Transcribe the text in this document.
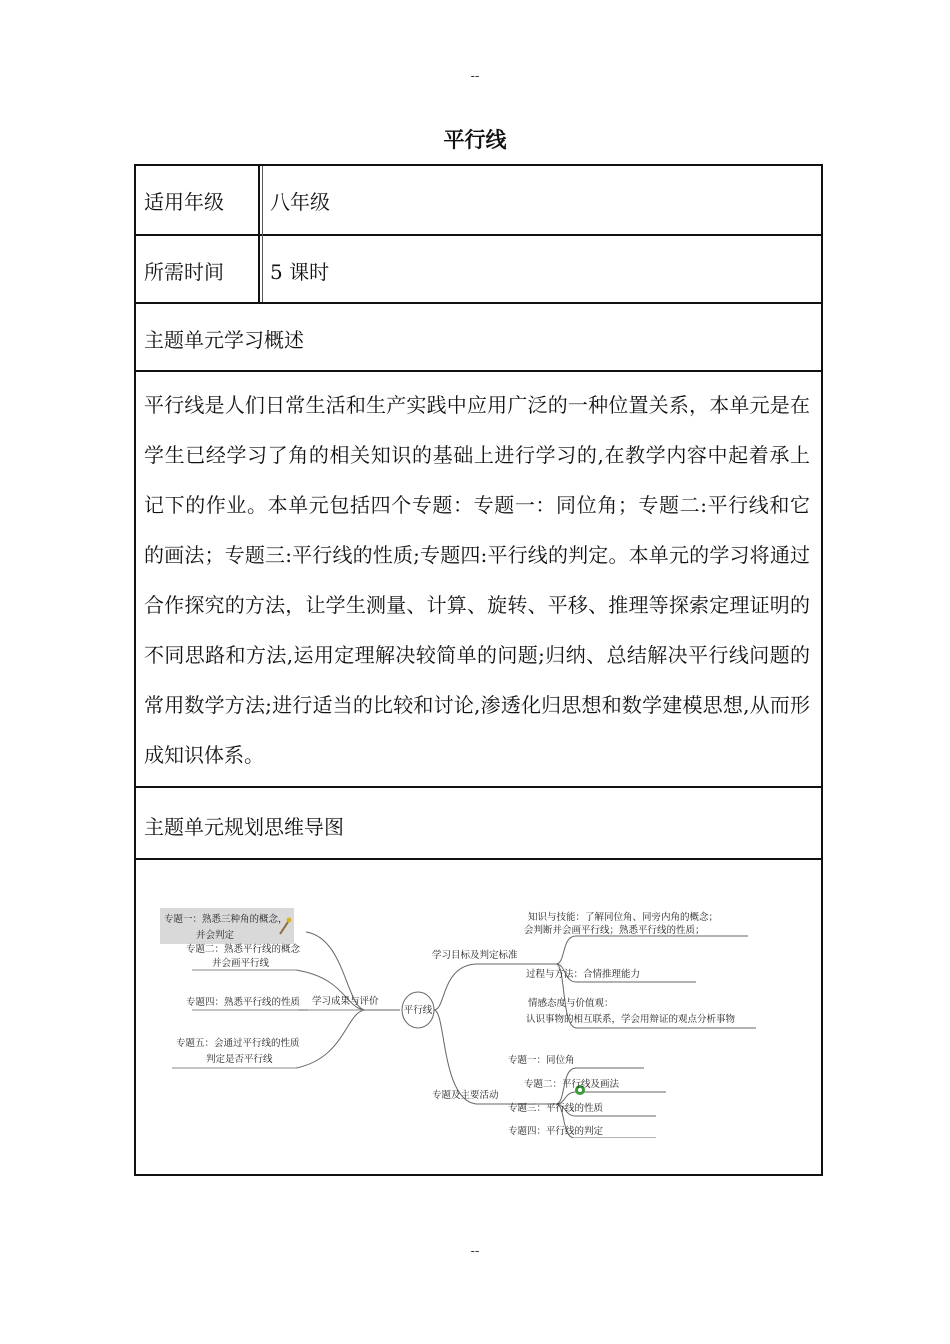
--
平行线
适用年级 八年级
所需时间 5 课时
主题单元学习概述
平行线是人们日常生活和生产实践中应用广泛的一种位置关系，本单元是在学生已经学习了角的相关知识的基础上进行学习的,在教学内容中起着承上记下的作业。本单元包括四个专题：专题一：同位角；专题二:平行线和它的画法；专题三:平行线的性质;专题四:平行线的判定。本单元的学习将通过合作探究的方法，让学生测量、计算、旋转、平移、推理等探索定理证明的不同思路和方法,运用定理解决较简单的问题;归纳、总结解决平行线问题的常用数学方法;进行适当的比较和讨论,渗透化归思想和数学建模思想,从而形成知识体系。
主题单元规划思维导图
平行线
学习成果与评价
专题一：熟悉三种角的概念，
并会判定
专题二：熟悉平行线的概念
并会画平行线
专题四：熟悉平行线的性质
专题五：会通过平行线的性质
判定是否平行线
学习目标及判定标准
知识与技能：了解同位角、同旁内角的概念；
会判断并会画平行线；熟悉平行线的性质；
过程与方法：合情推理能力
情感态度与价值观：
认识事物的相互联系，学会用辩证的观点分析事物
专题及主要活动
专题一：同位角
专题二：平行线及画法
专题三：平行线的性质
专题四：平行线的判定
--
